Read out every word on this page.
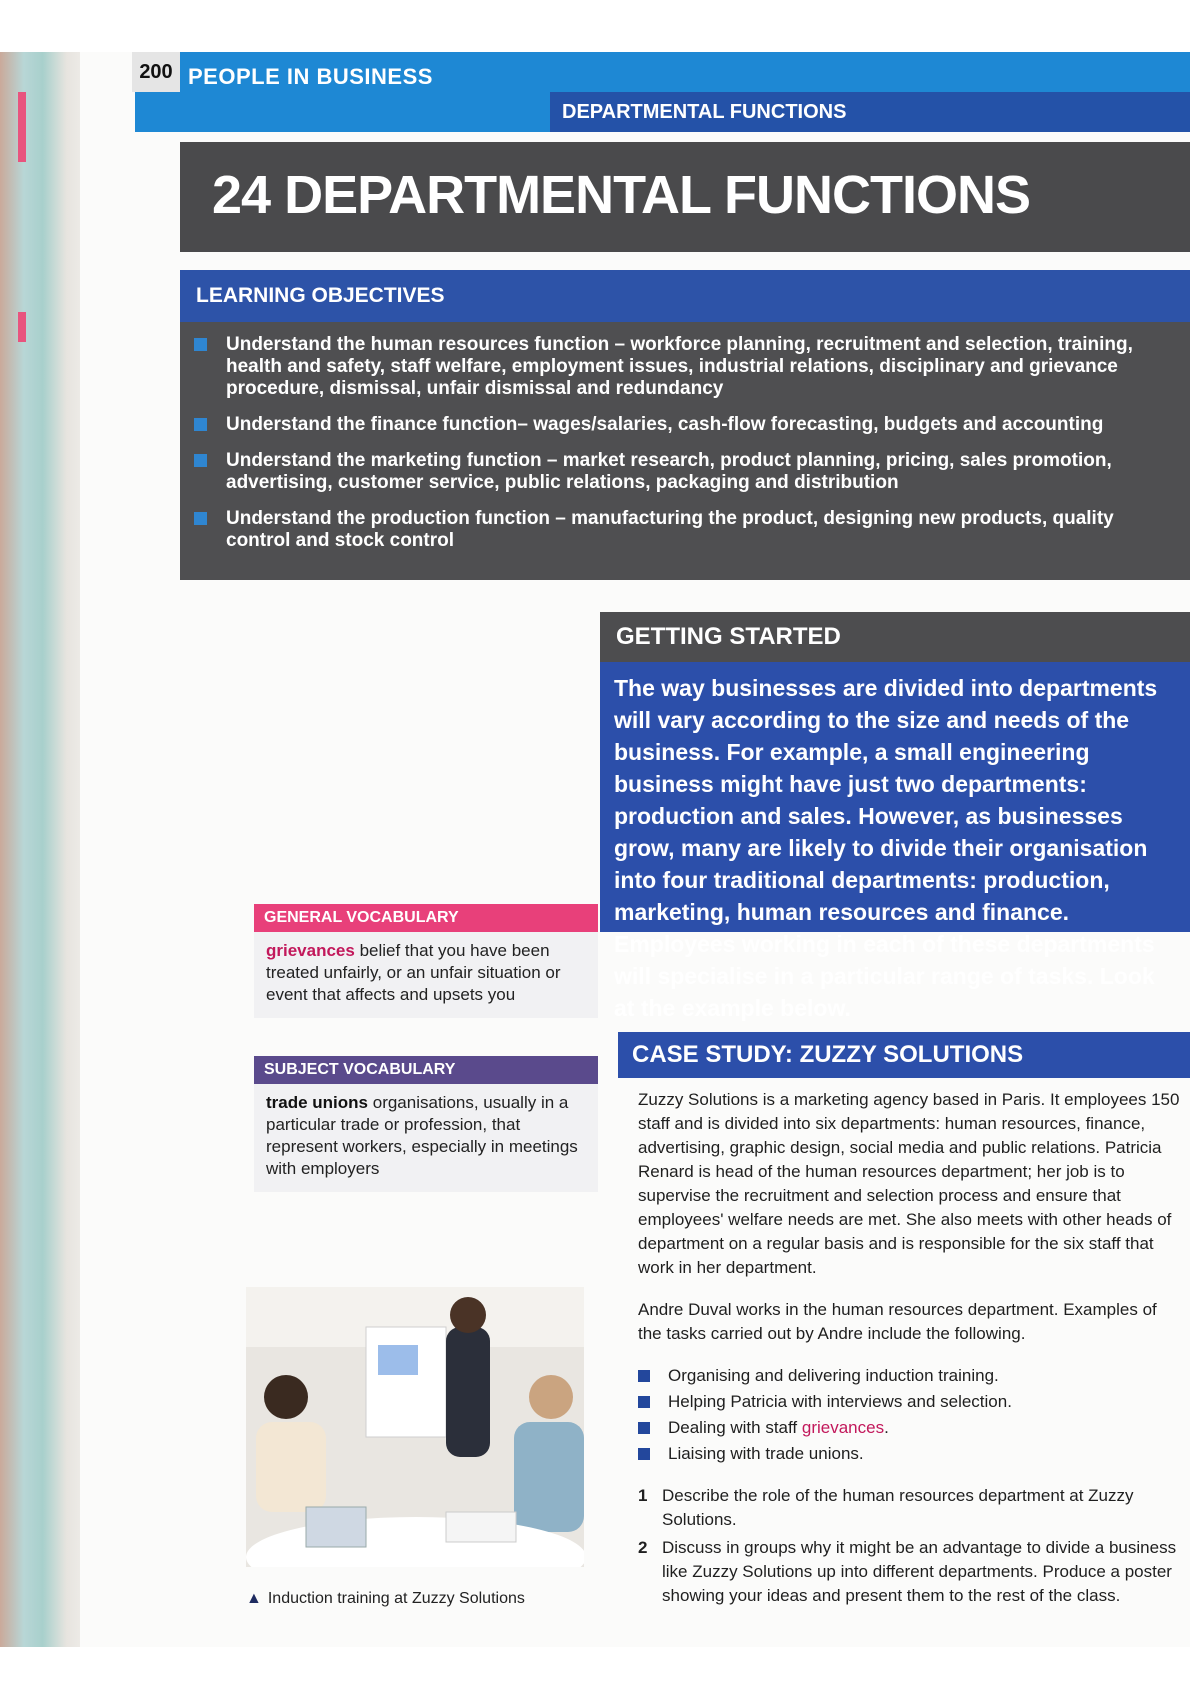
200 PEOPLE IN BUSINESS
DEPARTMENTAL FUNCTIONS
24 DEPARTMENTAL FUNCTIONS
LEARNING OBJECTIVES
Understand the human resources function – workforce planning, recruitment and selection, training, health and safety, staff welfare, employment issues, industrial relations, disciplinary and grievance procedure, dismissal, unfair dismissal and redundancy
Understand the finance function– wages/salaries, cash-flow forecasting, budgets and accounting
Understand the marketing function – market research, product planning, pricing, sales promotion, advertising, customer service, public relations, packaging and distribution
Understand the production function – manufacturing the product, designing new products, quality control and stock control
GETTING STARTED
The way businesses are divided into departments will vary according to the size and needs of the business. For example, a small engineering business might have just two departments: production and sales. However, as businesses grow, many are likely to divide their organisation into four traditional departments: production, marketing, human resources and finance. Employees working in each of these departments will specialise in a particular range of tasks. Look at the example below.
GENERAL VOCABULARY
grievances belief that you have been treated unfairly, or an unfair situation or event that affects and upsets you
SUBJECT VOCABULARY
trade unions organisations, usually in a particular trade or profession, that represent workers, especially in meetings with employers
▲ Induction training at Zuzzy Solutions
CASE STUDY: ZUZZY SOLUTIONS

Zuzzy Solutions is a marketing agency based in Paris. It employees 150 staff and is divided into six departments: human resources, finance, advertising, graphic design, social media and public relations. Patricia Renard is head of the human resources department; her job is to supervise the recruitment and selection process and ensure that employees' welfare needs are met. She also meets with other heads of department on a regular basis and is responsible for the six staff that work in her department.

Andre Duval works in the human resources department. Examples of the tasks carried out by Andre include the following.

Organising and delivering induction training.
Helping Patricia with interviews and selection.
Dealing with staff grievances.
Liaising with trade unions.
1 Describe the role of the human resources department at Zuzzy Solutions.
2 Discuss in groups why it might be an advantage to divide a business like Zuzzy Solutions up into different departments. Produce a poster showing your ideas and present them to the rest of the class.
